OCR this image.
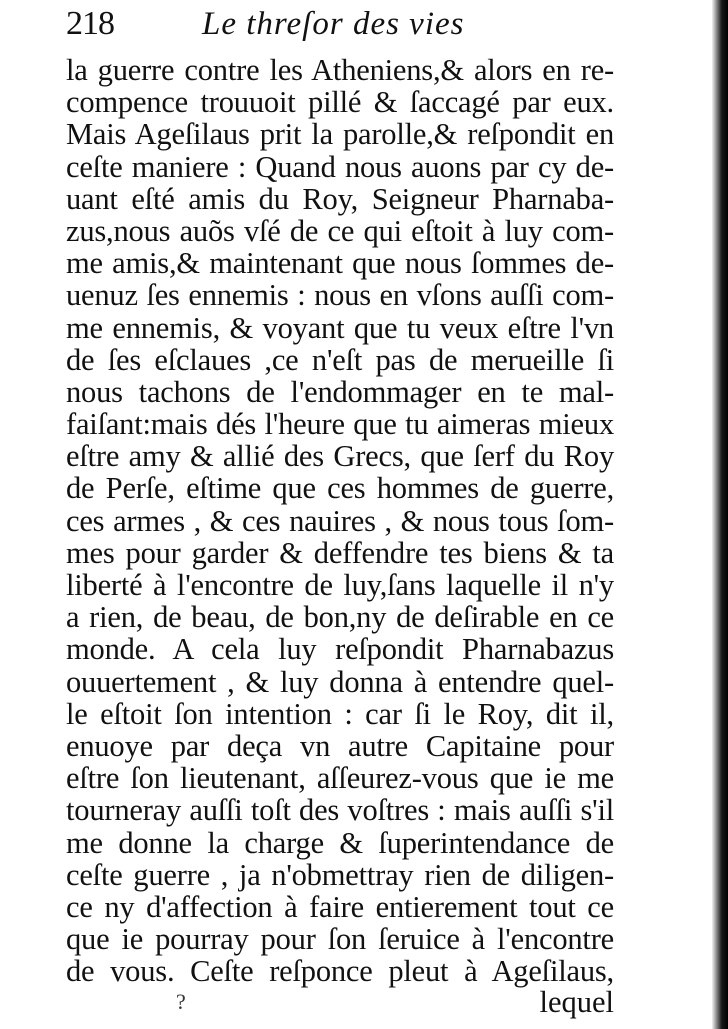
218	Le threſor des vies
la guerre contre les Atheniens,& alors en re-
compence trouuoit pillé & ſaccagé par eux.
Mais Ageſilaus prit la parolle,& reſpondit en
ceſte maniere : Quand nous auons par cy de-
uant eſté amis du Roy, Seigneur Pharnaba-
zus,nous auõs vſé de ce qui eſtoit à luy com-
me amis,& maintenant que nous ſommes de-
uenuz ſes ennemis : nous en vſons auſſi com-
me ennemis, & voyant que tu veux eſtre l'vn
de ſes eſclaues ,ce n'eſt pas de merueille ſi
nous tachons de l'endommager en te mal-
faiſant:mais dés l'heure que tu aimeras mieux
eſtre amy & allié des Grecs, que ſerf du Roy
de Perſe, eſtime que ces hommes de guerre,
ces armes , & ces nauires , & nous tous ſom-
mes pour garder & deffendre tes biens & ta
liberté à l'encontre de luy,ſans laquelle il n'y
a rien, de beau, de bon,ny de deſirable en ce
monde. A cela luy reſpondit Pharnabazus
ouuertement , & luy donna à entendre quel-
le eſtoit ſon intention : car ſi le Roy, dit il,
enuoye par deça vn autre Capitaine pour
eſtre ſon lieutenant, aſſeurez-vous que ie me
tourneray auſſi toſt des voſtres : mais auſſi s'il
me donne la charge & ſuperintendance de
ceſte guerre , ja n'obmettray rien de diligen-
ce ny d'affection à faire entierement tout ce
que ie pourray pour ſon ſeruice à l'encontre
de vous. Ceſte reſponce pleut à Ageſilaus,
?	lequel
